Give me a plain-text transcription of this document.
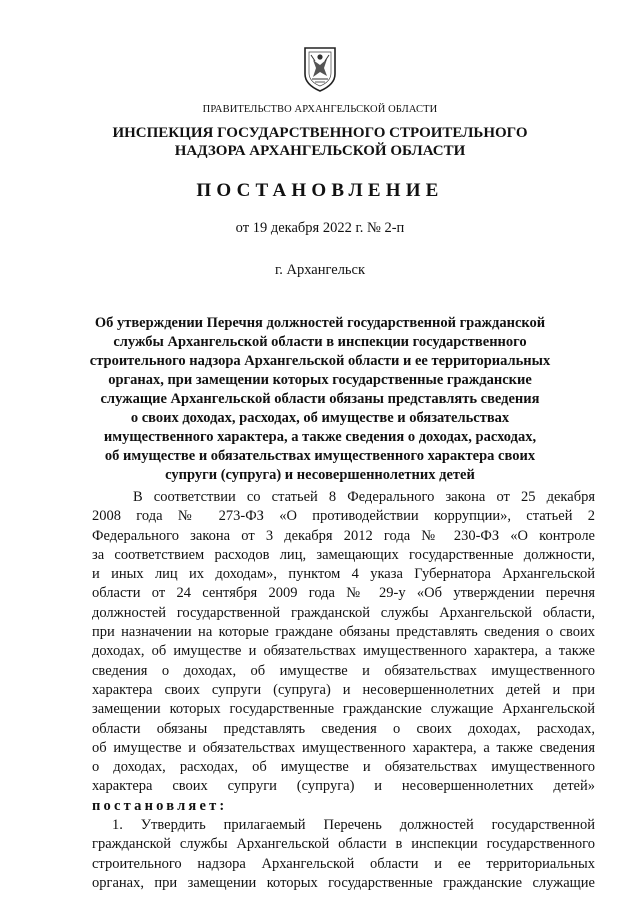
ПРАВИТЕЛЬСТВО АРХАНГЕЛЬСКОЙ ОБЛАСТИ
ИНСПЕКЦИЯ ГОСУДАРСТВЕННОГО СТРОИТЕЛЬНОГО
НАДЗОРА АРХАНГЕЛЬСКОЙ ОБЛАСТИ
ПОСТАНОВЛЕНИЕ
от 19 декабря 2022 г. № 2-п
г. Архангельск
Об утверждении Перечня должностей государственной гражданской
службы Архангельской области в инспекции государственного
строительного надзора Архангельской области и ее территориальных
органах, при замещении которых государственные гражданские
служащие Архангельской области обязаны представлять сведения
о своих доходах, расходах, об имуществе и обязательствах
имущественного характера, а также сведения о доходах, расходах,
об имуществе и обязательствах имущественного характера своих
супруги (супруга) и несовершеннолетних детей
В соответствии со статьей 8 Федерального закона от 25 декабря
2008 года № 273-ФЗ «О противодействии коррупции», статьей 2
Федерального закона от 3 декабря 2012 года № 230-ФЗ «О контроле
за соответствием расходов лиц, замещающих государственные должности,
и иных лиц их доходам», пунктом 4 указа Губернатора Архангельской
области от 24 сентября 2009 года № 29-у «Об утверждении перечня
должностей государственной гражданской службы Архангельской области,
при назначении на которые граждане обязаны представлять сведения о своих
доходах, об имуществе и обязательствах имущественного характера, а также
сведения о доходах, об имуществе и обязательствах имущественного
характера своих супруги (супруга) и несовершеннолетних детей и при
замещении которых государственные гражданские служащие Архангельской
области обязаны представлять сведения о своих доходах, расходах,
об имуществе и обязательствах имущественного характера, а также сведения
о доходах, расходах, об имуществе и обязательствах имущественного
характера своих супруги (супруга) и несовершеннолетних детей»
постановляет:
1. Утвердить прилагаемый Перечень должностей государственной
гражданской службы Архангельской области в инспекции государственного
строительного надзора Архангельской области и ее территориальных
органах, при замещении которых государственные гражданские служащие
